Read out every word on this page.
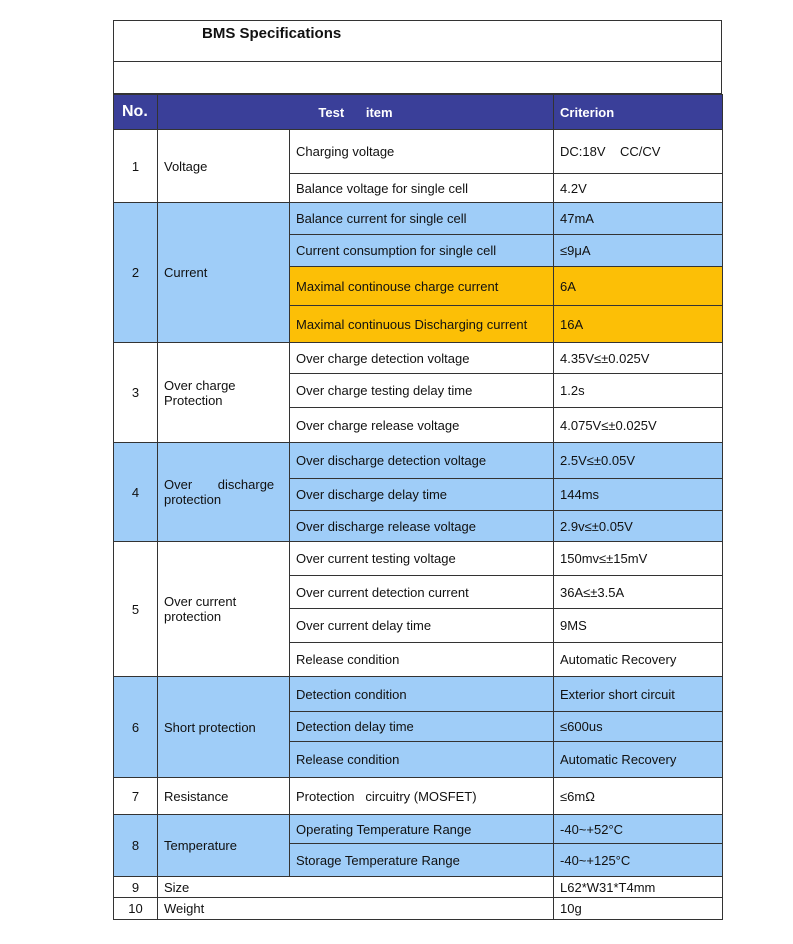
BMS Specifications
No.	Test      item		Criterion
1	Voltage	Charging voltage	DC:18V    CC/CV
		Balance voltage for single cell	4.2V
2	Current	Balance current for single cell	47mA
		Current consumption for single cell	≤9μA
		Maximal continouse charge current	6A
		Maximal continuous Discharging current	16A
3	Over charge Protection	Over charge detection voltage	4.35V≤±0.025V
		Over charge testing delay time	1.2s
		Over charge release voltage	4.075V≤±0.025V
4	Over discharge protection	Over discharge detection voltage	2.5V≤±0.05V
		Over discharge delay time	144ms
		Over discharge release voltage	2.9v≤±0.05V
5	Over current protection	Over current testing voltage	150mv≤±15mV
		Over current detection current	36A≤±3.5A
		Over current delay time	9MS
		Release condition	Automatic Recovery
6	Short protection	Detection condition	Exterior short circuit
		Detection delay time	≤600us
		Release condition	Automatic Recovery
7	Resistance	Protection   circuitry (MOSFET)	≤6mΩ
8	Temperature	Operating Temperature Range	-40~+52°C
		Storage Temperature Range	-40~+125°C
9	Size		L62*W31*T4mm
10	Weight		10g
